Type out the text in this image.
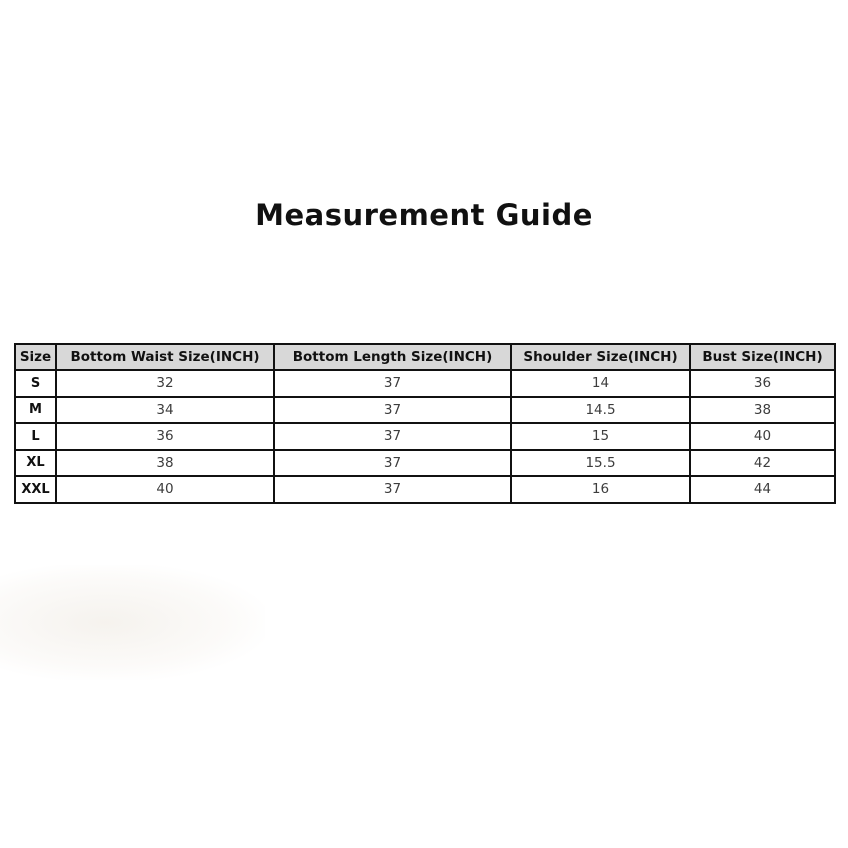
Measurement Guide
Size	Bottom Waist Size(INCH)	Bottom Length Size(INCH)	Shoulder Size(INCH)	Bust Size(INCH)
S	32	37	14	36
M	34	37	14.5	38
L	36	37	15	40
XL	38	37	15.5	42
XXL	40	37	16	44
